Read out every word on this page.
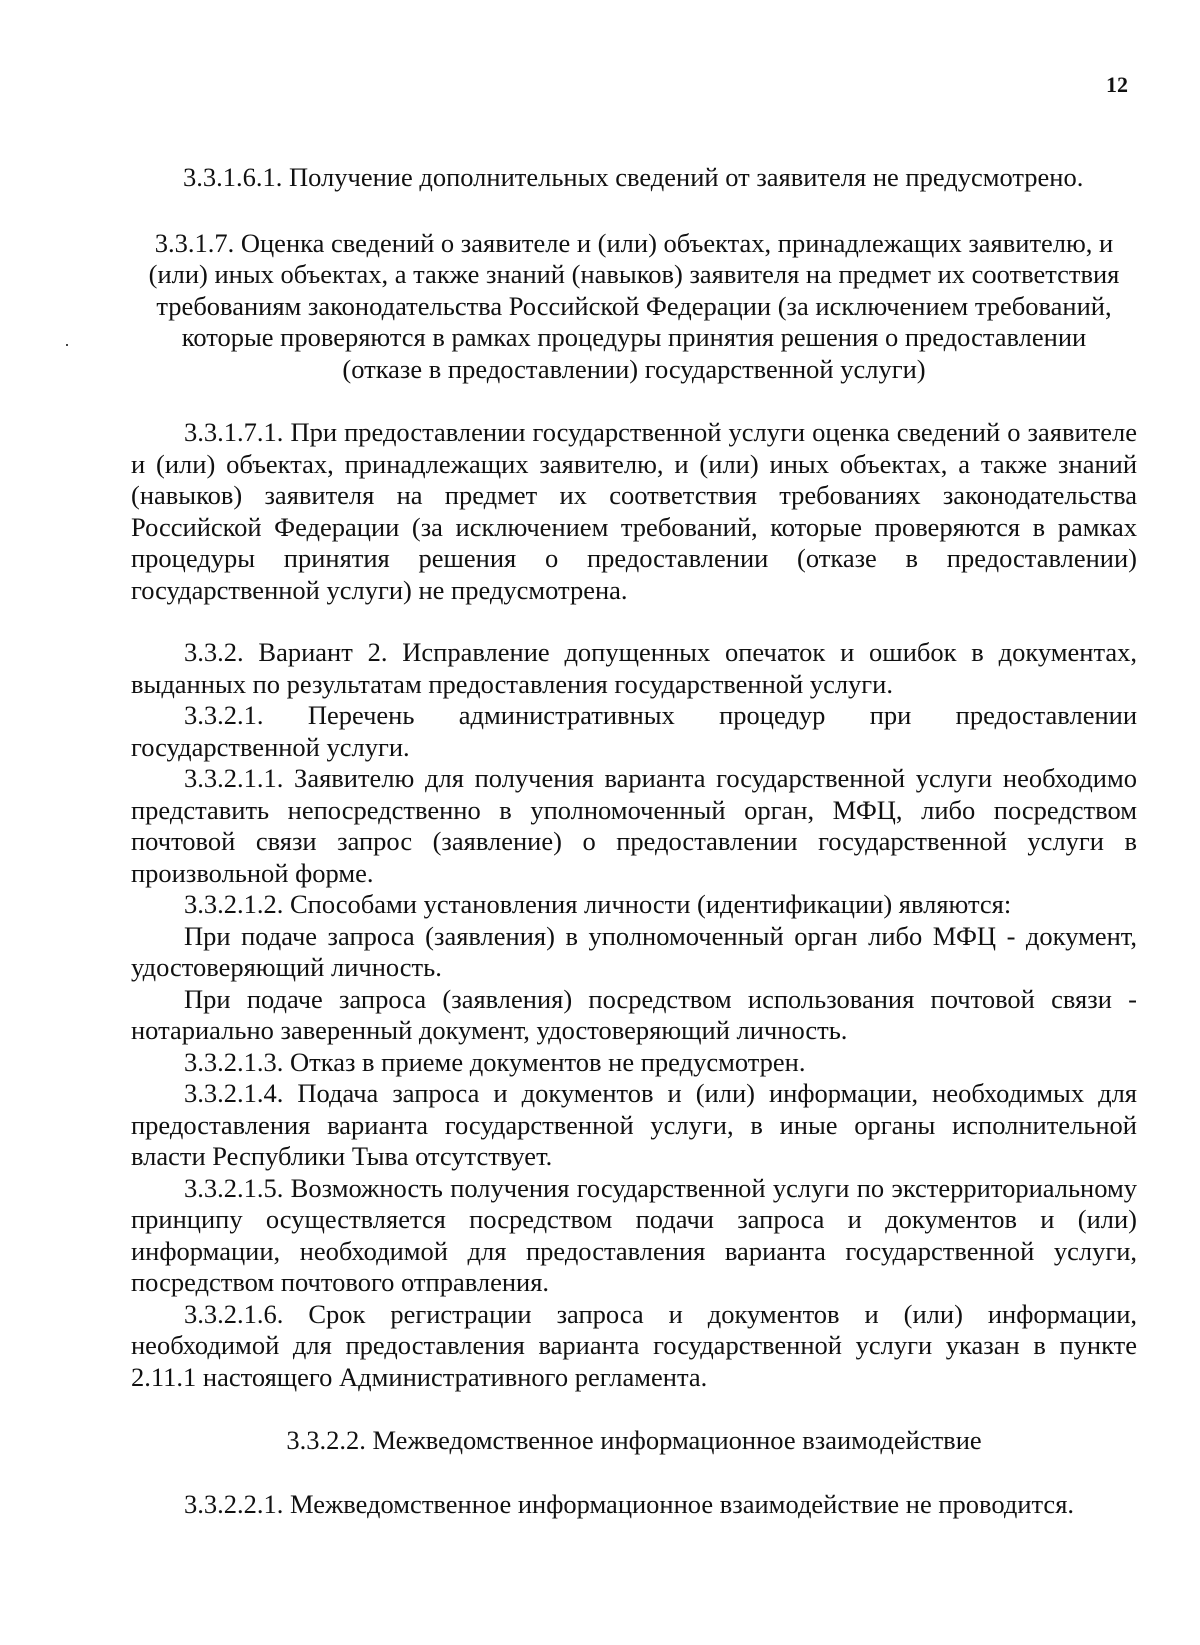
12

3.3.1.6.1. Получение дополнительных сведений от заявителя не предусмотрено.

3.3.1.7. Оценка сведений о заявителе и (или) объектах, принадлежащих заявителю, и (или) иных объектах, а также знаний (навыков) заявителя на предмет их соответствия требованиям законодательства Российской Федерации (за исключением требований, которые проверяются в рамках процедуры принятия решения о предоставлении (отказе в предоставлении) государственной услуги)

3.3.1.7.1. При предоставлении государственной услуги оценка сведений о заявителе и (или) объектах, принадлежащих заявителю, и (или) иных объектах, а также знаний (навыков) заявителя на предмет их соответствия требованиях законодательства Российской Федерации (за исключением требований, которые проверяются в рамках процедуры принятия решения о предоставлении (отказе в предоставлении) государственной услуги) не предусмотрена.

3.3.2. Вариант 2. Исправление допущенных опечаток и ошибок в документах, выданных по результатам предоставления государственной услуги.

3.3.2.1. Перечень административных процедур при предоставлении государственной услуги.

3.3.2.1.1. Заявителю для получения варианта государственной услуги необходимо представить непосредственно в уполномоченный орган, МФЦ, либо посредством почтовой связи запрос (заявление) о предоставлении государственной услуги в произвольной форме.

3.3.2.1.2. Способами установления личности (идентификации) являются:

При подаче запроса (заявления) в уполномоченный орган либо МФЦ - документ, удостоверяющий личность.

При подаче запроса (заявления) посредством использования почтовой связи - нотариально заверенный документ, удостоверяющий личность.

3.3.2.1.3. Отказ в приеме документов не предусмотрен.

3.3.2.1.4. Подача запроса и документов и (или) информации, необходимых для предоставления варианта государственной услуги, в иные органы исполнительной власти Республики Тыва отсутствует.

3.3.2.1.5. Возможность получения государственной услуги по экстерриториальному принципу осуществляется посредством подачи запроса и документов и (или) информации, необходимой для предоставления варианта государственной услуги, посредством почтового отправления.

3.3.2.1.6. Срок регистрации запроса и документов и (или) информации, необходимой для предоставления варианта государственной услуги указан в пункте 2.11.1 настоящего Административного регламента.

3.3.2.2. Межведомственное информационное взаимодействие

3.3.2.2.1. Межведомственное информационное взаимодействие не проводится.
